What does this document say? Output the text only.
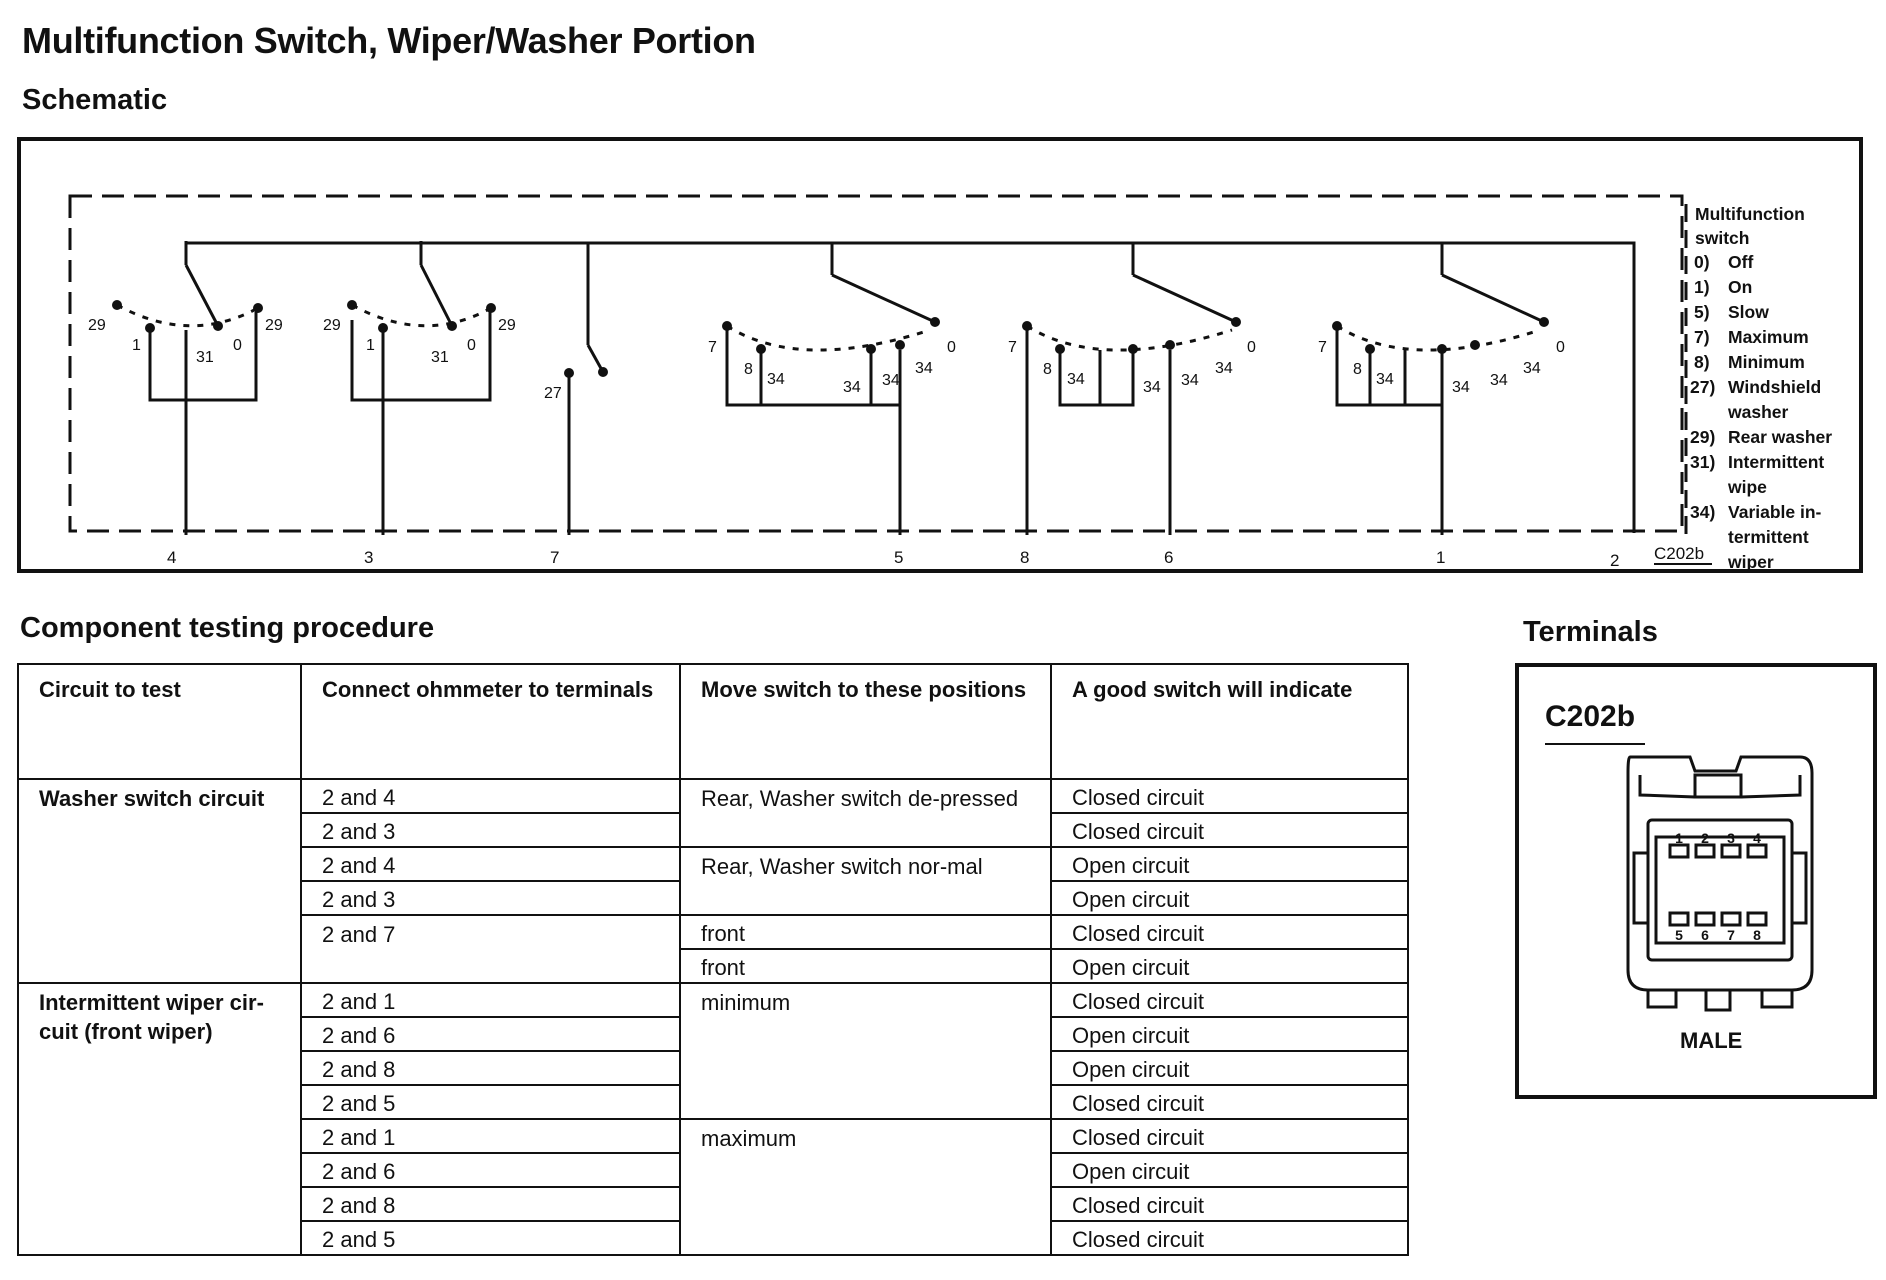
Multifunction Switch, Wiper/Washer Portion
Schematic
29
1
31
0
29	29
1
31
0
29
27
7
8
34	34 34
34
0	7
8
34	34 34
34
0	7
8
34	34 34
34
0
4	3	7	5	8	6	1	2 C202b
Multifunction
switch
0) Off
1) On
5) Slow
7) Maximum
8) Minimum
27) Windshield
washer
29) Rear washer
31) Intermittent
wipe
34) Variable in-
termittent
wiper
Component testing procedure
Circuit to test	Connect ohmmeter to terminals	Move switch to these positions	A good switch will indicate
Washer switch circuit	2 and 4	Rear, Washer switch de-pressed	Closed circuit
	2 and 3		Closed circuit
	2 and 4	Rear, Washer switch nor-mal	Open circuit
	2 and 3		Open circuit
	2 and 7	front	Closed circuit
		front	Open circuit
Intermittent wiper cir-cuit (front wiper)	2 and 1	minimum	Closed circuit
	2 and 6		Open circuit
	2 and 8		Open circuit
	2 and 5		Closed circuit
	2 and 1	maximum	Closed circuit
	2 and 6		Open circuit
	2 and 8		Closed circuit
	2 and 5		Closed circuit
Terminals
C202b
1 2 3 4
5 6 7 8
MALE
